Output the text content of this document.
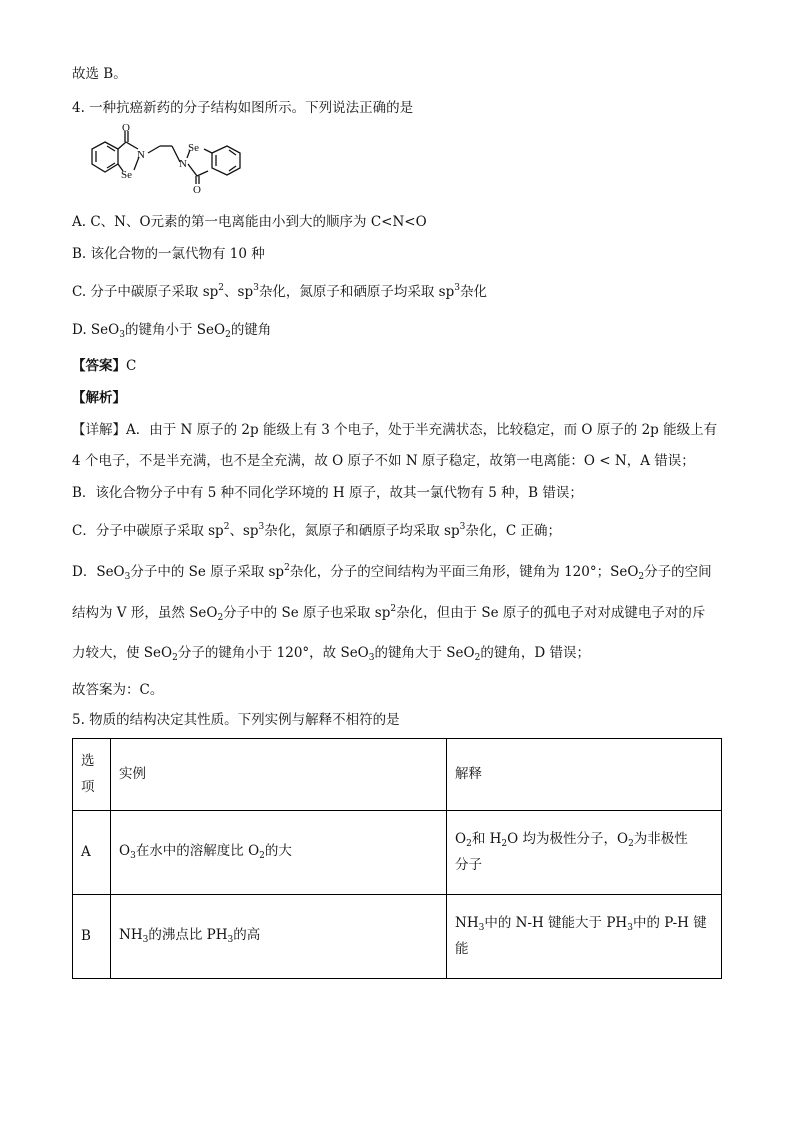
故选 B。
4. 一种抗癌新药的分子结构如图所示。下列说法正确的是
O
N
Se
Se
N
O
A. C、N、O元素的第一电离能由小到大的顺序为 C<N<O
B. 该化合物的一氯代物有 10 种
C. 分子中碳原子采取 $sp^2$、$sp^3$杂化，氮原子和硒原子均采取 $sp^3$杂化
D. SeO$_3$的键角小于 SeO$_2$的键角
【答案】C
【解析】
【详解】A．由于 N 原子的 2p 能级上有 3 个电子，处于半充满状态，比较稳定，而 O 原子的 2p 能级上有
4 个电子，不是半充满，也不是全充满，故 O 原子不如 N 原子稳定，故第一电离能：O < N，A 错误；
B．该化合物分子中有 5 种不同化学环境的 H 原子，故其一氯代物有 5 种，B 错误；
C．分子中碳原子采取 $sp^2$、$sp^3$杂化，氮原子和硒原子均采取 $sp^3$杂化，C 正确；
D．SeO$_3$分子中的 Se 原子采取 $sp^2$杂化，分子的空间结构为平面三角形，键角为 120°；SeO$_2$分子的空间
结构为 V 形，虽然 SeO$_2$分子中的 Se 原子也采取 $sp^2$杂化，但由于 Se 原子的孤电子对对成键电子对的斥
力较大，使 SeO$_2$分子的键角小于 120°，故 SeO$_3$的键角大于 SeO$_2$的键角，D 错误；
故答案为：C。
5. 物质的结构决定其性质。下列实例与解释不相符的是
选
项	实例	解释
A	$O_3$在水中的溶解度比 $O_2$的大	$O_2$和 $H_2O$ 均为极性分子，$O_2$为非极性
分子
B	$NH_3$的沸点比 $PH_3$的高	$NH_3$中的 N-H 键能大于 $PH_3$中的 P-H 键
能
